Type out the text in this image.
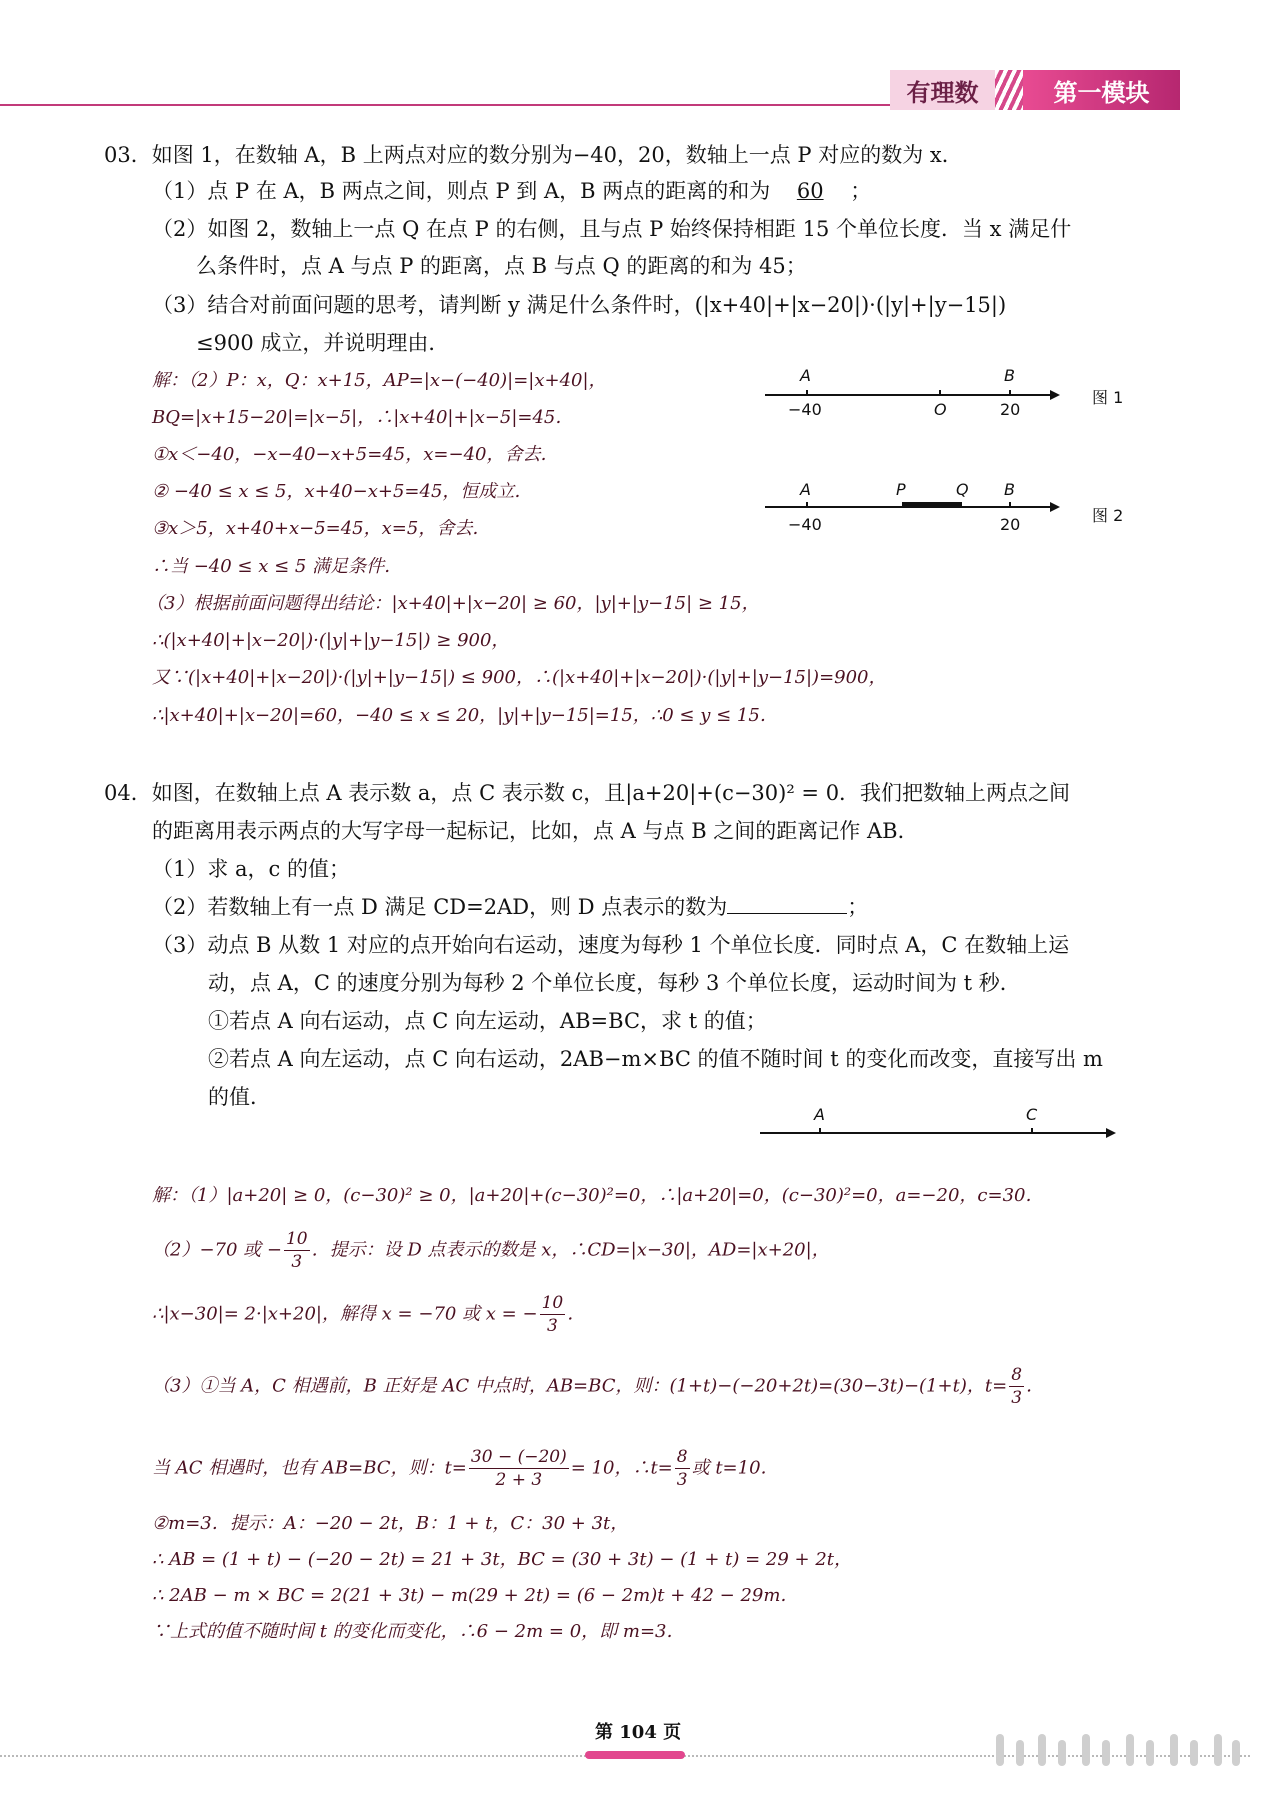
有理数	第一模块
03．如图 1，在数轴 A，B 上两点对应的数分别为−40，20，数轴上一点 P 对应的数为 x．
（1）点 P 在 A，B 两点之间，则点 P 到 A，B 两点的距离的和为 60 ；
（2）如图 2，数轴上一点 Q 在点 P 的右侧，且与点 P 始终保持相距 15 个单位长度．当 x 满足什
么条件时，点 A 与点 P 的距离，点 B 与点 Q 的距离的和为 45；
（3）结合对前面问题的思考，请判断 y 满足什么条件时，(|x+40|+|x−20|)·(|y|+|y−15|)
≤900 成立，并说明理由．
解：（2）P：x，Q：x+15，AP=|x−(−40)|=|x+40|，
BQ=|x+15−20|=|x−5|，∴|x+40|+|x−5|=45．
①x＜−40，−x−40−x+5=45，x=−40，舍去．
② −40 ≤ x ≤ 5，x+40−x+5=45，恒成立．
③x＞5，x+40+x−5=45，x=5，舍去．
∴当 −40 ≤ x ≤ 5 满足条件．
（3）根据前面问题得出结论：|x+40|+|x−20| ≥ 60，|y|+|y−15| ≥ 15，
∴(|x+40|+|x−20|)·(|y|+|y−15|) ≥ 900，
又∵(|x+40|+|x−20|)·(|y|+|y−15|) ≤ 900，∴(|x+40|+|x−20|)·(|y|+|y−15|)=900，
∴|x+40|+|x−20|=60，−40 ≤ x ≤ 20，|y|+|y−15|=15，∴0 ≤ y ≤ 15．
A	B
−40	O	20
图 1
A	P	Q B
−40	20	图 2
04．如图，在数轴上点 A 表示数 a，点 C 表示数 c，且|a+20|+(c−30)² = 0．我们把数轴上两点之间
的距离用表示两点的大写字母一起标记，比如，点 A 与点 B 之间的距离记作 AB．
（1）求 a，c 的值；
（2）若数轴上有一点 D 满足 CD=2AD，则 D 点表示的数为	；
（3）动点 B 从数 1 对应的点开始向右运动，速度为每秒 1 个单位长度．同时点 A，C 在数轴上运
动，点 A，C 的速度分别为每秒 2 个单位长度，每秒 3 个单位长度，运动时间为 t 秒．
①若点 A 向右运动，点 C 向左运动，AB=BC，求 t 的值；
②若点 A 向左运动，点 C 向右运动，2AB−m×BC 的值不随时间 t 的变化而改变，直接写出 m
的值．
A	C
解：（1）|a+20| ≥ 0，(c−30)² ≥ 0，|a+20|+(c−30)²=0，∴|a+20|=0，(c−30)²=0，a=−20，c=30．
（2）−70 或 − $\frac{10}{3}$ ．提示：设 D 点表示的数是 x，∴CD=|x−30|，AD=|x+20|，
∴|x−30|= 2·|x+20|，解得 x = −70 或 x = − $\frac{10}{3}$ ．
（3）①当 A，C 相遇前，B 正好是 AC 中点时，AB=BC，则：(1+t)−(−20+2t)=(30−3t)−(1+t)，$t= \frac{8}{3}$ ．
当 AC 相遇时，也有 AB=BC，则：$t= \frac{30 - (-20)}{2 + 3} = 10$，∴t= $\frac{8}{3}$ 或 t=10．
②m=3．提示：A：−20 − 2t，B：1 + t，C：30 + 3t，
∴ AB = (1 + t) − (−20 − 2t) = 21 + 3t，BC = (30 + 3t) − (1 + t) = 29 + 2t，
∴ 2AB − m × BC = 2(21 + 3t) − m(29 + 2t) = (6 − 2m)t + 42 − 29m．
∵上式的值不随时间 t 的变化而变化，∴6 − 2m = 0，即 m=3．
第 104 页
